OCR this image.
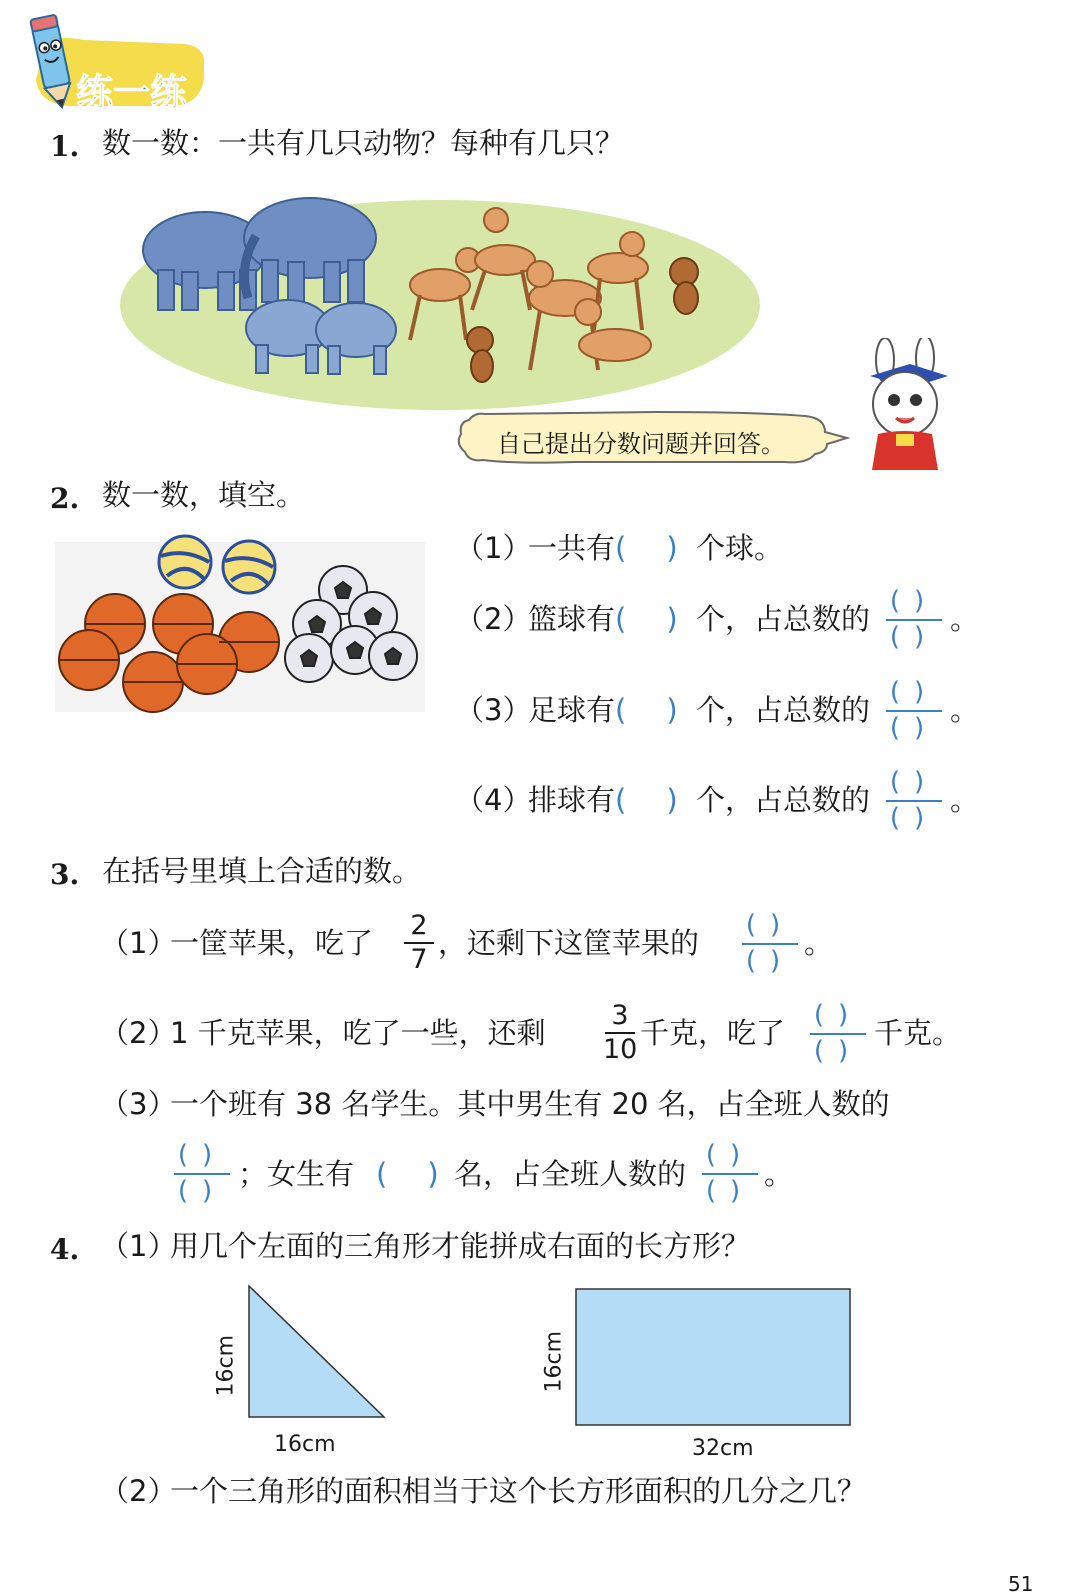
练一练
1. 数一数：一共有几只动物？每种有几只？
自己提出分数问题并回答。
2. 数一数，填空。
（1）
一共有 ()
个球。
（2）
篮球有 ()
个，占总数的
()
()
。
（3）
足球有 ()
个，占总数的
()
()
。
（4）
排球有 ()
个，占总数的
()
()
。
3. 在括号里填上合适的数。
（1）
一筐苹果，吃了
2
7 ，还剩下这筐苹果的
()
()
。
（2）
1 千克苹果，吃了一些，还剩
3
10 千克，吃了
()
()
千克。
（3）
一个班有 38 名学生。其中男生有 20 名，占全班人数的
()
() ；女生有 ()
名，占全班人数的
()
() 。
4. （1）
用几个左面的三角形才能拼成右面的长方形？
16cm
16cm
16cm
32cm
（2）
一个三角形的面积相当于这个长方形面积的几分之几？
51
